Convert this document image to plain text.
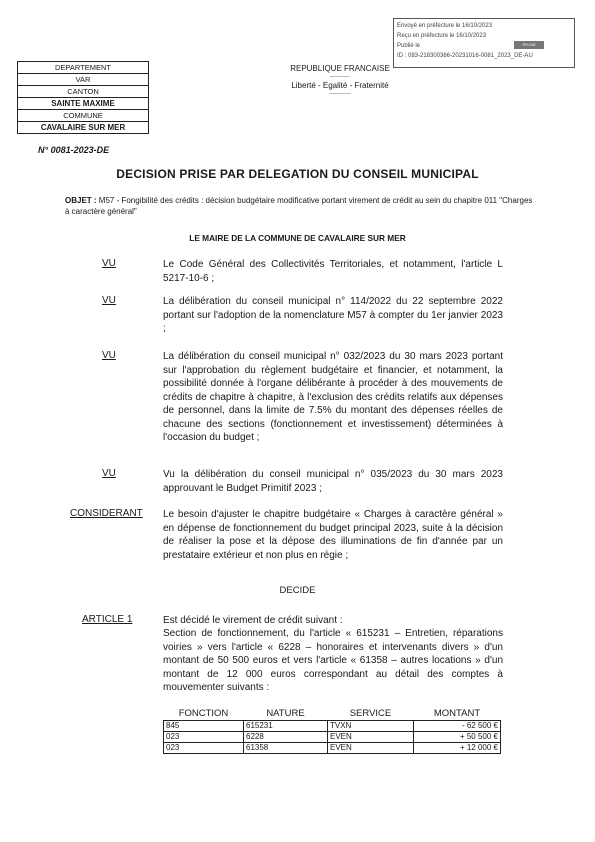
Envoyé en préfecture le 16/10/2023
Reçu en préfecture le 16/10/2023
Publié le
ID : 083-218300366-20231016-0081_2023_DE-AU
S²LOW
DEPARTEMENT
VAR
CANTON
SAINTE MAXIME
COMMUNE
CAVALAIRE SUR MER
REPUBLIQUE FRANCAISE
----------
Liberté - Egalité - Fraternité
-----------
N° 0081-2023-DE
DECISION PRISE PAR DELEGATION DU CONSEIL MUNICIPAL
OBJET : M57 - Fongibilité des crédits : décision budgétaire modificative portant virement de crédit au sein du chapitre 011 "Charges à caractère général"
LE MAIRE DE LA COMMUNE DE CAVALAIRE SUR MER
VU	Le Code Général des Collectivités Territoriales, et notamment, l'article L 5217-10-6 ;
VU	La délibération du conseil municipal n° 114/2022 du 22 septembre 2022 portant sur l'adoption de la nomenclature M57 à compter du 1er janvier 2023 ;
VU	La délibération du conseil municipal n° 032/2023 du 30 mars 2023 portant sur l'approbation du règlement budgétaire et financier, et notamment, la possibilité donnée à l'organe délibérante à procéder à des mouvements de crédits de chapitre à chapitre, à l'exclusion des crédits relatifs aux dépenses de personnel, dans la limite de 7.5% du montant des dépenses réelles de chacune des sections (fonctionnement et investissement) déterminées à l'occasion du budget ;
VU	Vu la délibération du conseil municipal n° 035/2023 du 30 mars 2023 approuvant le Budget Primitif 2023 ;
CONSIDERANT Le besoin d'ajuster le chapitre budgétaire « Charges à caractère général » en dépense de fonctionnement du budget principal 2023, suite à la décision de réaliser la pose et la dépose des illuminations de fin d'année par un prestataire extérieur et non plus en régie ;
DECIDE
ARTICLE 1	Est décidé le virement de crédit suivant :
Section de fonctionnement, du l'article « 615231 – Entretien, réparations voiries » vers l'article « 6228 – honoraires et intervenants divers » d'un montant de 50 500 euros et vers l'article « 61358 – autres locations » d'un montant de 12 000 euros correspondant au détail des comptes à mouvementer suivants :
FONCTION	NATURE	SERVICE	MONTANT
845	615231	TVXN	- 62 500 €
023	6228	EVEN	+ 50 500 €
023	61358	EVEN	+ 12 000 €
